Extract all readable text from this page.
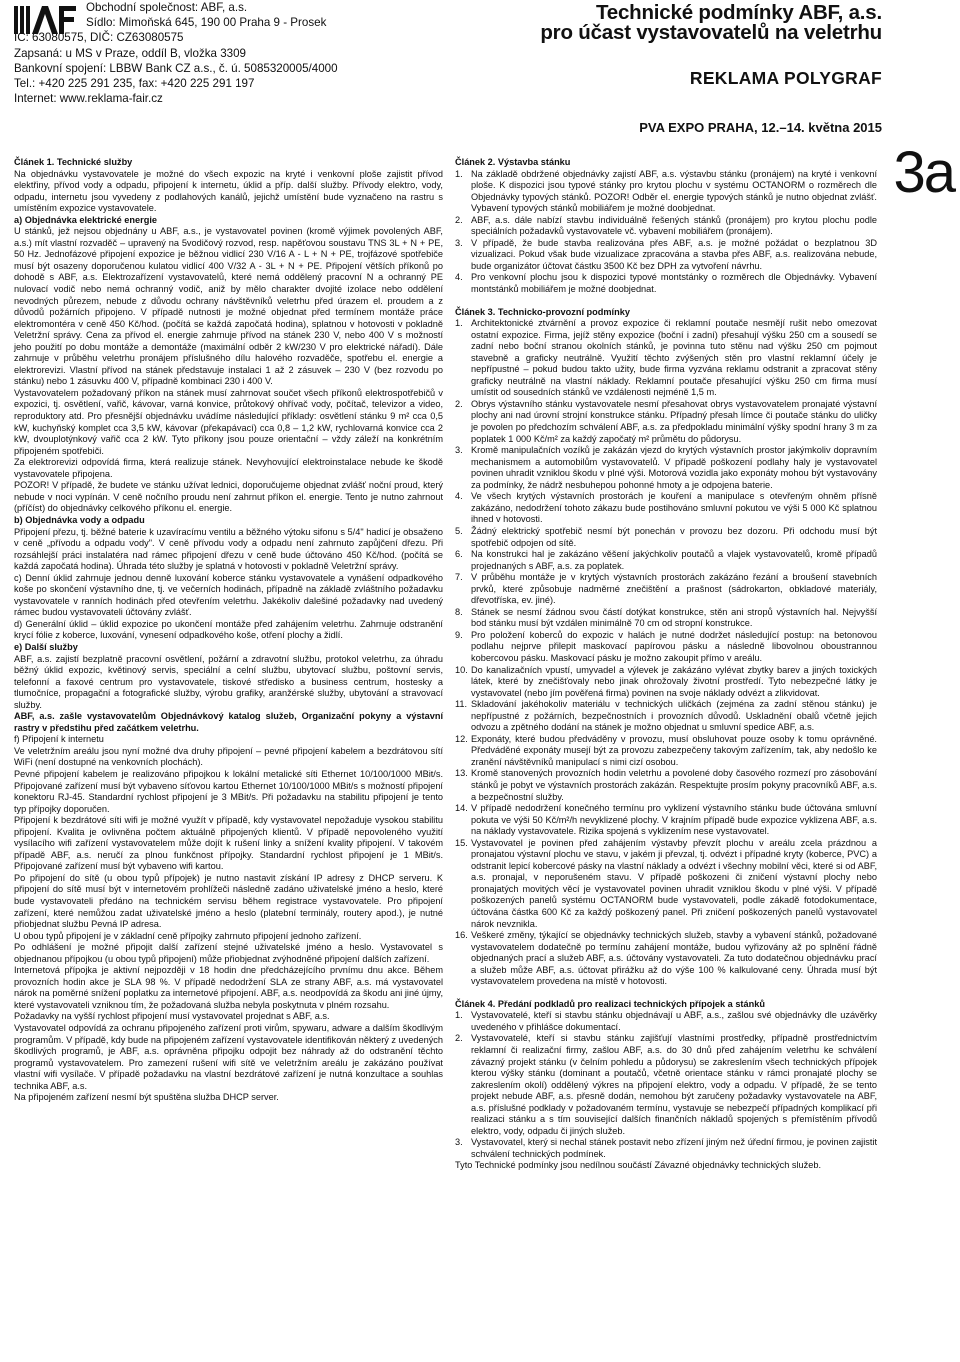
Obchodní společnost: ABF, a.s.
Sídlo: Mimoňská 645, 190 00 Praha 9 - Prosek
IČ: 63080575, DIČ: CZ63080575
Zapsaná: u MS v Praze, oddíl B, vložka 3309
Bankovní spojení: LBBW Bank CZ a.s., č. ú. 5085320005/4000
Tel.: +420 225 291 235, fax: +420 225 291 197
Internet: www.reklama-fair.cz
Technické podmínky ABF, a.s.
pro účast vystavovatelů na veletrhu
REKLAMA POLYGRAF
PVA EXPO PRAHA, 12.–14. května 2015
3a

Článek 1. Technické služby

Na objednávku vystavovatele je možné do všech expozic na kryté i venkovní ploše zajistit přívod elektřiny, přívod vody a odpadu, připojení k internetu, úklid a příp. další služby. Přívody elektro, vody, odpadu, internetu jsou vyvedeny z podlahových kanálů, jejichž umístění bude vyznačeno na rastru s umístěním expozice vystavovatele.

a) Objednávka elektrické energie

U stánků, jež nejsou objednány u ABF, a.s., je vystavovatel povinen (kromě výjimek povolených ABF, a.s.) mít vlastní rozvaděč – upravený na 5vodičový rozvod, resp. napěťovou soustavu TNS 3L + N + PE, 50 Hz. Jednofázové připojení expozice je běžnou vidlicí 230 V/16 A - L + N + PE, trojfázové spotřebiče musí být osazeny doporučenou kulatou vidlicí 400 V/32 A - 3L + N + PE. Připojení větších příkonů po dohodě s ABF, a.s. Elektrozařízení vystavovatelů, které nemá oddělený pracovní N a ochranný PE nulovací vodič nebo nemá ochranný vodič, aniž by mělo charakter dvojité izolace nebo oddělení nevodných půrezem, nebude z důvodu ochrany návštěvníků veletrhu před úrazem el. proudem a z důvodů požárních připojeno. V případě nutnosti je možné objednat před termínem montáže práce elektromontéra v ceně 450 Kč/hod. (počítá se každá započatá hodina), splatnou v hotovosti v pokladně Veletržní správy. Cena za přívod el. energie zahrnuje přívod na stánek 230 V, nebo 400 V s možností jeho použití po dobu montáže a demontáže (maximální odběr 2 kW/230 V pro elektrické nářadí). Dále zahrnuje v průběhu veletrhu pronájem příslušného dílu halového rozvaděče, spotřebu el. energie a elektrorevizi. Vlastní přívod na stánek představuje instalaci 1 až 2 zásuvek – 230 V (bez rozvodu po stánku) nebo 1 zásuvku 400 V, případně kombinaci 230 i 400 V.

Vystavovatelem požadovaný příkon na stánek musí zahrnovat součet všech příkonů elektrospotřebičů v expozici, tj. osvětlení, vařič, kávovar, varná konvice, průtokový ohřívač vody, počítač, televizor a video, reproduktory atd. Pro přesnější objednávku uvádíme následující příklady: osvětlení stánku 9 m² cca 0,5 kW, kuchyňský komplet cca 3,5 kW, kávovar (překapávací) cca 0,8 – 1,2 kW, rychlovarná konvice cca 2 kW, dvouplotýnkový vařič cca 2 kW. Tyto příkony jsou pouze orientační – vždy záleží na konkrétním připojeném spotřebiči.

Za elektrorevizi odpovídá firma, která realizuje stánek. Nevyhovující elektroinstalace nebude ke škodě vystavovatele připojena.

POZOR! V případě, že budete ve stánku užívat lednici, doporučujeme objednat zvlášť noční proud, který nebude v noci vypínán. V ceně nočního proudu není zahrnut příkon el. energie. Tento je nutno zahrnout (příčíst) do objednávky celkového příkonu el. energie.

b) Objednávka vody a odpadu

Připojení přezu, tj. běžné baterie k uzavíracímu ventilu a běžného výtoku sifonu s 5/4" hadicí je obsaženo v ceně „přívodu a odpadu vody". V ceně přívodu vody a odpadu není zahrnuto zapůjčení dřezu. Při rozsáhlejší práci instalatéra nad rámec připojení dřezu v ceně bude účtováno 450 Kč/hod. (počítá se každá započatá hodina). Úhrada této služby je splatná v hotovosti v pokladně Veletržní správy.

c) Denní úklid zahrnuje jednou denně luxování koberce stánku vystavovatele a vynášení odpadkového koše po skončení výstavního dne, tj. ve večerních hodinách, případně na základě zvláštního požadavku vystavovatele v ranních hodinách před otevřením veletrhu. Jakékoliv dalešiné požadavky nad uvedený rámec budou vystavovateli účtovány zvlášť.

d) Generální úklid – úklid expozice po ukončení montáže před zahájením veletrhu. Zahrnuje odstranění krycí fólie z koberce, luxování, vynesení odpadkového koše, otření plochy a židlí.

e) Další služby

ABF, a.s. zajistí bezplatně pracovní osvětlení, požární a zdravotní službu, protokol veletrhu, za úhradu běžný úklid expozic, květinový servis, speciální a celní službu, ubytovací službu, poštovní servis, telefonní a faxové centrum pro vystavovatele, tiskové středisko a business centrum, hostesky a tlumočníce, propagační a fotografické služby, výrobu grafiky, aranžérské služby, ubytování a stravovací služby.

ABF, a.s. zašle vystavovatelům Objednávkový katalog služeb, Organizační pokyny a výstavní rastry v předstihu před začátkem veletrhu.

f) Připojení k internetu

Ve veletržním areálu jsou nyní možné dva druhy připojení – pevné připojení kabelem a bezdrátovou sítí WiFi (není dostupné na venkovních plochách).

Pevné připojení kabelem je realizováno připojkou k lokální metalické síti Ethernet 10/100/1000 MBit/s. Připojované zařízení musí být vybaveno síťovou kartou Ethernet 10/100/1000 MBit/s s možností připojení konektoru RJ-45. Standardní rychlost připojení je 3 MBit/s. Při požadavku na stabilitu připojení je tento typ přípojky doporučen.

Připojení k bezdrátové síti wifi je možné využít v případě, kdy vystavovatel nepožaduje vysokou stabilitu připojení. Kvalita je ovlivněna počtem aktuálně připojených klientů. V případě nepovoleného využití vysílacího wifi zařízení vystavovatelem může dojít k rušení linky a snížení kvality připojení. V takovém případě ABF, a.s. neručí za plnou funkčnost přípojky. Standardní rychlost připojení je 1 MBit/s. Připojované zařízení musí být vybaveno wifi kartou.

Po připojení do sítě (u obou typů přípojek) je nutno nastavit získání IP adresy z DHCP serveru. K připojení do sítě musí být v internetovém prohlížeči následně zadáno uživatelské jméno a heslo, které bude vystavovateli předáno na technickém servisu během registrace vystavovatele. Pro připojení zařízení, které nemůžou zadat uživatelské jméno a heslo (platební terminály, routery apod.), je nutné přiobjednat službu Pevná IP adresa.

U obou typů připojení je v základní ceně přípojky zahrnuto připojení jednoho zařízení.

Po odhlášení je možné připojit další zařízení stejné uživatelské jméno a heslo. Vystavovatel s objednanou přípojkou (u obou typů připojení) může přiobjednat zvýhodněné připojení dalších zařízení.

Internetová přípojka je aktivní nejpozději v 18 hodin dne předcházejícího prvnímu dnu akce. Během provozních hodin akce je SLA 98 %. V případě nedodržení SLA ze strany ABF, a.s. má vystavovatel nárok na poměrné snížení poplatku za internetové připojení. ABF, a.s. neodpovídá za škodu ani jiné újmy, které vystavovateli vzniknou tím, že požadovaná služba nebyla poskytnuta v plném rozsahu.

Požadavky na vyšší rychlost připojení musí vystavovatel projednat s ABF, a.s.

Vystavovatel odpovídá za ochranu připojeného zařízení proti virům, spywaru, adware a dalším škodlivým programům. V případě, kdy bude na připojeném zařízení vystavovatele identifikován některý z uvedených škodlivých programů, je ABF, a.s. oprávněna připojku odpojit bez náhrady až do odstranění těchto programů vystavovatelem. Pro zamezení rušení wifi sítě ve veletržním areálu je zakázáno používat vlastní wifi vysílače. V případě požadavku na vlastní bezdrátové zařízení je nutná konzultace a souhlas technika ABF, a.s.

Na připojeném zařízení nesmí být spuštěna služba DHCP server.

Článek 2. Výstavba stánku

1. Na základě obdržené objednávky zajistí ABF, a.s. výstavbu stánku (pronájem) na kryté i venkovní ploše. K dispozici jsou typové stánky pro krytou plochu v systému OCTANORM o rozměrech dle Objednávky typových stánků. POZOR! Odběr el. energie typových stánků je nutno objednat zvlášť. Vybavení typových stánků mobiliářem je možné doobjednat.
2. ABF, a.s. dále nabízí stavbu individuálně řešených stánků (pronájem) pro krytou plochu podle speciálních požadavků vystavovatele vč. vybavení mobiliářem (pronájem).
3. V případě, že bude stavba realizována přes ABF, a.s. je možné požádat o bezplatnou 3D vizualizaci. Pokud však bude vizualizace zpracována a stavba přes ABF, a.s. realizována nebude, bude organizátor účtovat částku 3500 Kč bez DPH za vytvoření návrhu.
4. Pro venkovní plochu jsou k dispozici typové montstánky o rozměrech dle Objednávky. Vybavení montstánků mobiliářem je možné doobjednat.

Článek 3. Technicko-provozní podmínky

1. Architektonické ztvárnění a provoz expozice či reklamní poutače nesmějí rušit nebo omezovat ostatní expozice. Firma, jejíž stěny expozice (boční i zadní) přesahují výšku 250 cm a sousedí se zadní nebo boční stranou okolních stánků, je povinna tuto stěnu nad výšku 250 cm pojmout stavebně a graficky neutrálně. Využití těchto zvýšených stěn pro vlastní reklamní účely je nepřípustné – pokud budou takto užity, bude firma vyzvána reklamu odstranit a zpracovat stěny graficky neutrálně na vlastní náklady. Reklamní poutače přesahující výšku 250 cm firma musí umístit od sousedních stánků ve vzdálenosti nejméně 1,5 m.
2. Obrys výstavního stánku vystavovatele nesmí přesahovat obrys vystavovatelem pronajaté výstavní plochy ani nad úrovní strojní konstrukce stánku. Případný přesah límce či poutače stánku do uličky je povolen po předchozím schválení ABF, a.s. za předpokladu minimální výšky spodní hrany 3 m za poplatek 1 000 Kč/m² za každý započatý m² průmětu do půdorysu.
3. Kromě manipulačních vozíků je zakázán vjezd do krytých výstavních prostor jakýmkoliv dopravním mechanismem a automobilům vystavovatelů. V případě poškození podlahy haly je vystavovatel povinen uhradit vzniklou škodu v plné výši. Motorová vozidla jako exponáty mohou být vystavovány za podmínky, že nádrž nesbuhepou pohonné hmoty a je odpojena baterie.
4. Ve všech krytých výstavních prostorách je kouření a manipulace s otevřeným ohněm přísně zakázáno, nedodržení tohoto zákazu bude postihováno smluvní pokutou ve výši 5 000 Kč splatnou ihned v hotovosti.
5. Žádný elektrický spotřebič nesmí být ponechán v provozu bez dozoru. Při odchodu musí být spotřebič odpojen od sítě.
6. Na konstrukci hal je zakázáno věšení jakýchkoliv poutačů a vlajek vystavovatelů, kromě případů projednaných s ABF, a.s. za poplatek.
7. V průběhu montáže je v krytých výstavních prostorách zakázáno řezání a broušení stavebních prvků, které způsobuje nadměrné znečištění a prašnost (sádrokarton, obkladové materiály, dřevotříska, ev. jiné).
8. Stánek se nesmí žádnou svou částí dotýkat konstrukce, stěn ani stropů výstavních hal. Nejvyšší bod stánku musí být vzdálen minimálně 70 cm od stropní konstrukce.
9. Pro položení koberců do expozic v halách je nutné dodržet následující postup: na betonovou podlahu nejprve přilepit maskovací papírovou pásku a následně libovolnou oboustrannou kobercovou pásku. Maskovací pásku je možno zakoupit přímo v areálu.
10. Do kanalizačních vpustí, umyvadel a výlevek je zakázáno vylévat zbytky barev a jiných toxických látek, které by znečišťovaly nebo jinak ohrožovaly životní prostředí. Tyto nebezpečné látky je vystavovatel (nebo jím pověřená firma) povinen na svoje náklady odvézt a zlikvidovat.
11. Skladování jakéhokoliv materiálu v technických uličkách (zejména za zadní stěnou stánku) je nepřípustné z požárních, bezpečnostních i provozních důvodů. Uskladnění obalů včetně jejich odvozu a zpětného dodání na stánek je možno objednat u smluvní spedice ABF, a.s.
12. Exponáty, které budou předváděny v provozu, musí obsluhovat pouze osoby k tomu oprávněné. Předváděné exponáty musejí být za provozu zabezpečeny takovým zařízením, tak, aby nedošlo ke zranění návštěvníků manipulací s nimi cizí osobou.
13. Kromě stanovených provozních hodin veletrhu a povolené doby časového rozmezí pro zásobování stánků je pobyt ve výstavních prostorách zakázán. Respektujte prosím pokyny pracovníků ABF, a.s. a bezpečnostní služby.
14. V případě nedodržení konečného termínu pro vyklizení výstavního stánku bude účtována smluvní pokuta ve výši 50 Kč/m²/h nevyklizené plochy. V krajním případě bude expozice vyklizena ABF, a.s. na náklady vystavovatele. Rizika spojená s vyklizením nese vystavovatel.
15. Vystavovatel je povinen před zahájením výstavby převzít plochu v areálu zcela prázdnou a pronajatou výstavní plochu ve stavu, v jakém ji převzal, tj. odvézt i případné kryty (koberce, PVC) a odstranit lepicí kobercové pásky na vlastní náklady a odvézt i všechny mobilní věci, které si od ABF, a.s. pronajal, v neporušeném stavu. V případě poškozeni či zničení výstavní plochy nebo pronajatých movitých věcí je vystavovatel povinen uhradit vzniklou škodu v plné výši. V případě poškozených panelů systému OCTANORM bude vystavovateli, podle zákadě fotodokumentace, účtována částka 600 Kč za každý poškozený panel. Při zničení poškozených panelů vystavovatel nárok nevznikla.
16. Veškeré změny, týkající se objednávky technických služeb, stavby a vybavení stánků, požadované vystavovatelem dodatečně po termínu zahájení montáže, budou vyřizovány až po splnění řádně objednaných prací a služeb ABF, a.s. účtovány vystavovateli. Za tuto dodatečnou objednávku prací a služeb může ABF, a.s. účtovat přirážku až do výše 100 % kalkulované ceny. Úhrada musí být vystavovatelem provedena na místě v hotovosti.

Článek 4. Předání podkladů pro realizaci technických přípojek a stánků

1. Vystavovatelé, kteří si stavbu stánku objednávají u ABF, a.s., zašlou své objednávky dle uzávěrky uvedeného v přihlášce dokumentací.
2. Vystavovatelé, kteří si stavbu stánku zajišťují vlastními prostředky, případně prostřednictvím reklamní či realizační firmy, zašlou ABF, a.s. do 30 dnů před zahájením veletrhu ke schválení závazný projekt stánku (v čelním pohledu a půdorysu) se zakreslením všech technických přípojek kterou výšky stánku (dominant a poutačů, včetně orientace stánku v rámci pronajaté plochy se zakreslením okolí) oddělený výkres na připojení elektro, vody a odpadu. V případě, že se tento projekt nebude ABF, a.s. přesně dodán, nemohou být zaručeny požadavky vystavovatele na ABF, a.s. příslušné podklady v požadovaném termínu, vystavuje se nebezpečí případných komplikací při realizaci stánku a s tím související dalších finančních nákladů spojených s přemístěním přívodů elektro, vody, odpadu či jiných služeb.
3. Vystavovatel, který si nechal stánek postavit nebo zřízení jiným než úřední firmou, je povinen zajistit schválení technických podmínek.

Tyto Technické podmínky jsou nedílnou součástí Závazné objednávky technických služeb.
